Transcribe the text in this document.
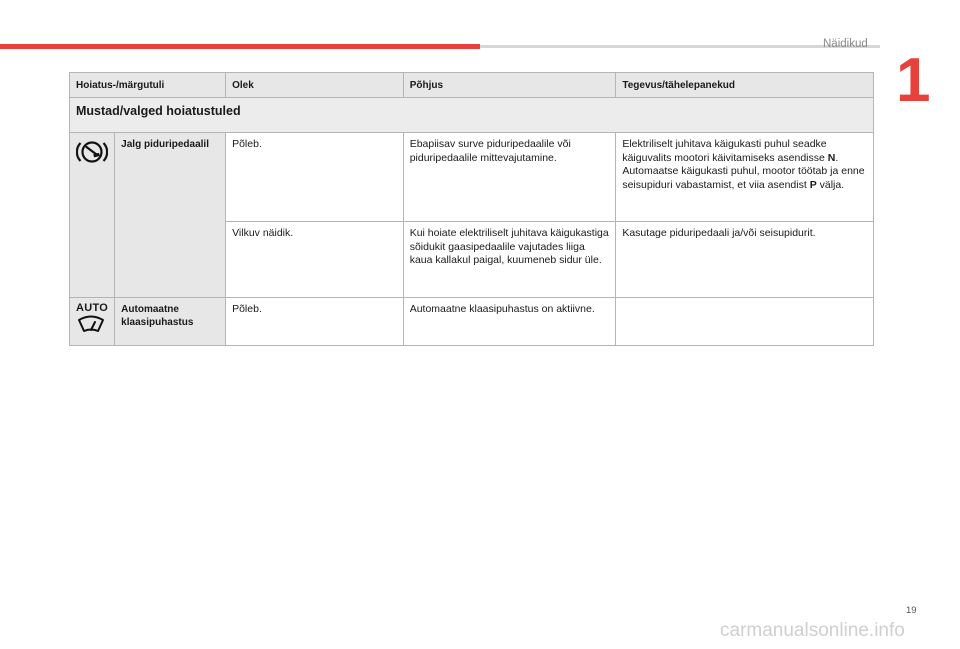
Näidikud
1
Hoiatus-/märgutuli		Olek	Põhjus	Tegevus/tähelepanekud
Mustad/valged hoiatustuled				
	Jalg piduripedaalil	Põleb.	Ebapiisav surve piduripedaalile või piduripedaalile mittevajutamine.	Elektriliselt juhitava käigukasti puhul seadke käiguvalits mootori käivitamiseks asendisse N. Automaatse käigukasti puhul, mootor töötab ja enne seisupiduri vabastamist, et viia asendist P välja.
		Vilkuv näidik.	Kui hoiate elektriliselt juhitava käigukastiga sõidukit gaasipedaalile vajutades liiga kaua kallakul paigal, kuumeneb sidur üle.	Kasutage piduripedaali ja/või seisupidurit.

AUTO	Automaatne klaasipuhastus	Põleb.	Automaatne klaasipuhastus on aktiivne.	
19
carmanualsonline.info
